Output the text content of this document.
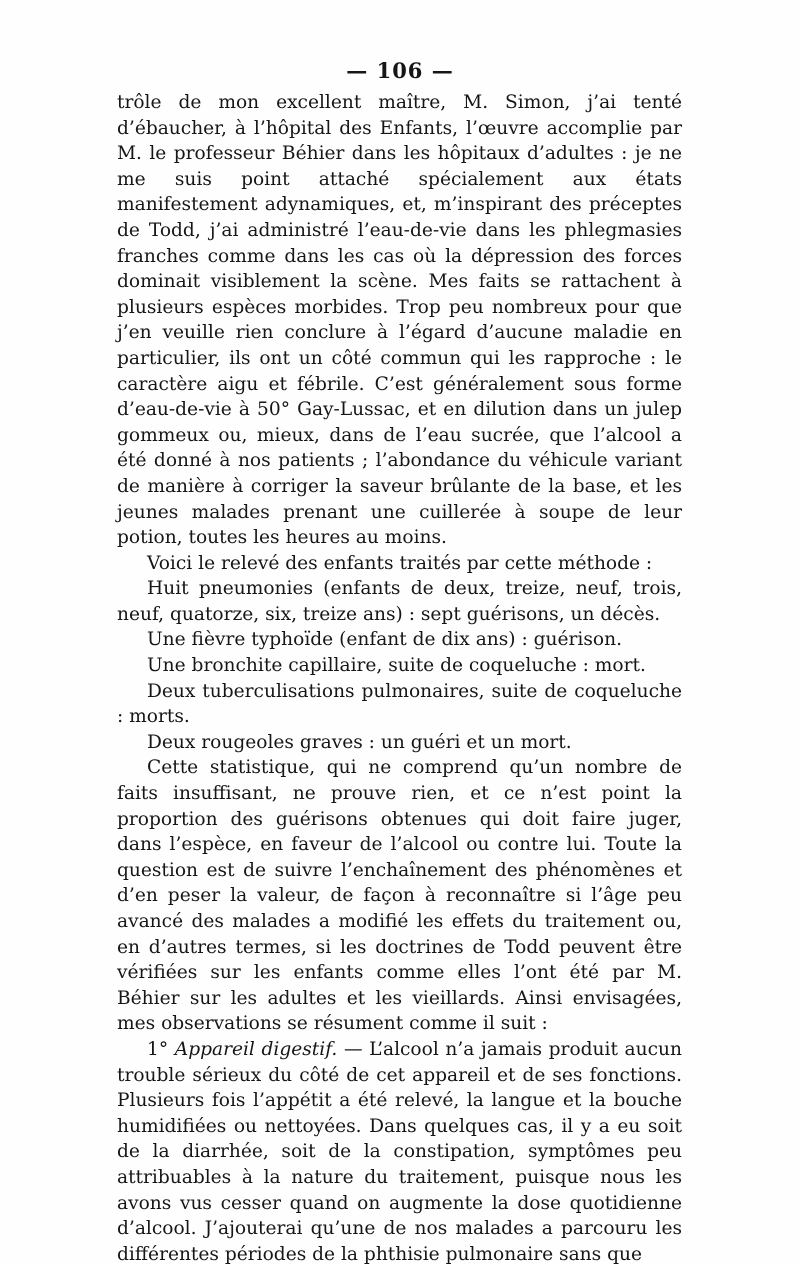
— 106 —

trôle de mon excellent maître, M. Simon, j’ai tenté d’ébaucher, à l’hôpital des Enfants, l’œuvre accomplie par M. le professeur Béhier dans les hôpitaux d’adultes : je ne me suis point attaché spécialement aux états manifestement adynamiques, et, m’inspirant des préceptes de Todd, j’ai administré l’eau-de-vie dans les phlegmasies franches comme dans les cas où la dépression des forces dominait visiblement la scène. Mes faits se rattachent à plusieurs espèces morbides. Trop peu nombreux pour que j’en veuille rien conclure à l’égard d’aucune maladie en particulier, ils ont un côté commun qui les rapproche : le caractère aigu et fébrile. C’est généralement sous forme d’eau-de-vie à 50° Gay-Lussac, et en dilution dans un julep gommeux ou, mieux, dans de l’eau sucrée, que l’alcool a été donné à nos patients ; l’abondance du véhicule variant de manière à corriger la saveur brûlante de la base, et les jeunes malades prenant une cuillerée à soupe de leur potion, toutes les heures au moins.

Voici le relevé des enfants traités par cette méthode :

Huit pneumonies (enfants de deux, treize, neuf, trois, neuf, quatorze, six, treize ans) : sept guérisons, un décès.

Une fièvre typhoïde (enfant de dix ans) : guérison.

Une bronchite capillaire, suite de coqueluche : mort.

Deux tuberculisations pulmonaires, suite de coqueluche : morts.

Deux rougeoles graves : un guéri et un mort.

Cette statistique, qui ne comprend qu’un nombre de faits insuffisant, ne prouve rien, et ce n’est point la proportion des guérisons obtenues qui doit faire juger, dans l’espèce, en faveur de l’alcool ou contre lui. Toute la question est de suivre l’enchaînement des phénomènes et d’en peser la valeur, de façon à reconnaître si l’âge peu avancé des malades a modifié les effets du traitement ou, en d’autres termes, si les doctrines de Todd peuvent être vérifiées sur les enfants comme elles l’ont été par M. Béhier sur les adultes et les vieillards. Ainsi envisagées, mes observations se résument comme il suit :

1° Appareil digestif. — L’alcool n’a jamais produit aucun trouble sérieux du côté de cet appareil et de ses fonctions. Plusieurs fois l’appétit a été relevé, la langue et la bouche humidifiées ou nettoyées. Dans quelques cas, il y a eu soit de la diarrhée, soit de la constipation, symptômes peu attribuables à la nature du traitement, puisque nous les avons vus cesser quand on augmente la dose quotidienne d’alcool. J’ajouterai qu’une de nos malades a parcouru les différentes périodes de la phthisie pulmonaire sans que
